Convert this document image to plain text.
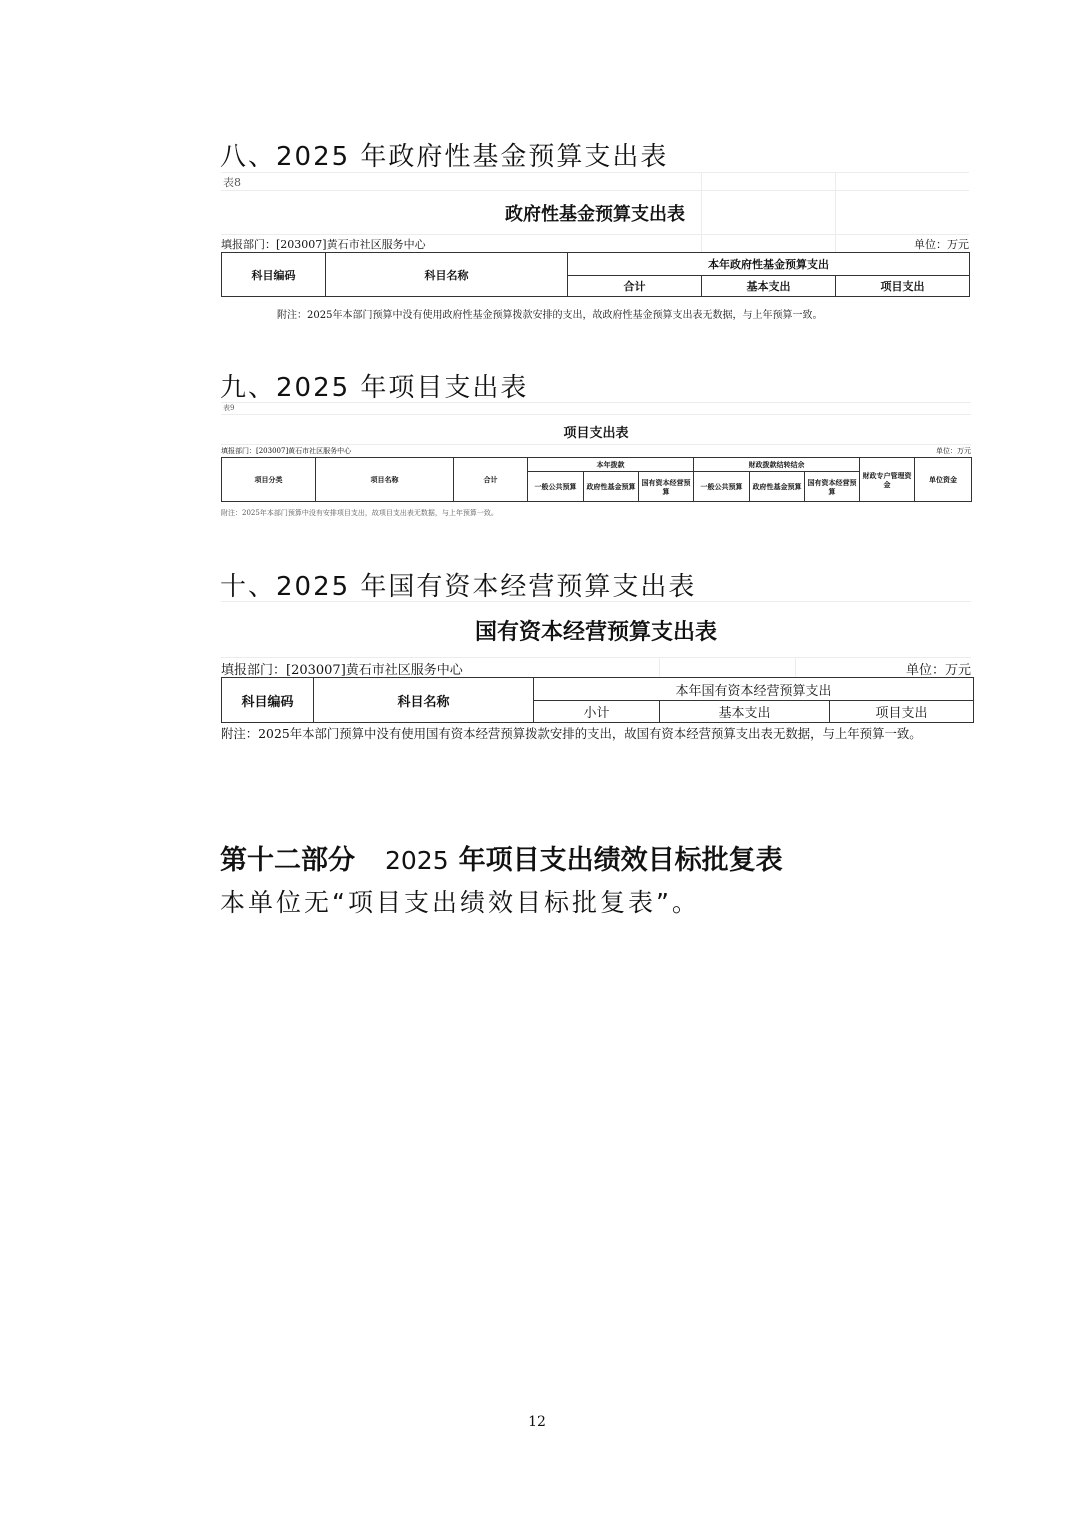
八、2025 年政府性基金预算支出表
表8
政府性基金预算支出表
填报部门：[203007]黄石市社区服务中心	单位：万元
科目编码	科目名称	本年政府性基金预算支出		
		合计	基本支出	项目支出
附注：2025年本部门预算中没有使用政府性基金预算拨款安排的支出，故政府性基金预算支出表无数据，与上年预算一致。
九、2025 年项目支出表
表9
项目支出表
填报部门：[203007]黄石市社区服务中心	单位：万元
项目分类	项目名称	合计	本年拨款			财政拨款结转结余			财政专户管理资金	单位资金
			一般公共预算	政府性基金预算	国有资本经营预算	一般公共预算	政府性基金预算	国有资本经营预算		
附注：2025年本部门预算中没有安排项目支出，故项目支出表无数据，与上年预算一致。
十、2025 年国有资本经营预算支出表
国有资本经营预算支出表
填报部门：[203007]黄石市社区服务中心	单位：万元
科目编码	科目名称	本年国有资本经营预算支出		
		小计	基本支出	项目支出
附注：2025年本部门预算中没有使用国有资本经营预算拨款安排的支出，故国有资本经营预算支出表无数据，与上年预算一致。
第十二部分 2025 年项目支出绩效目标批复表
本单位无“项目支出绩效目标批复表”。
12
